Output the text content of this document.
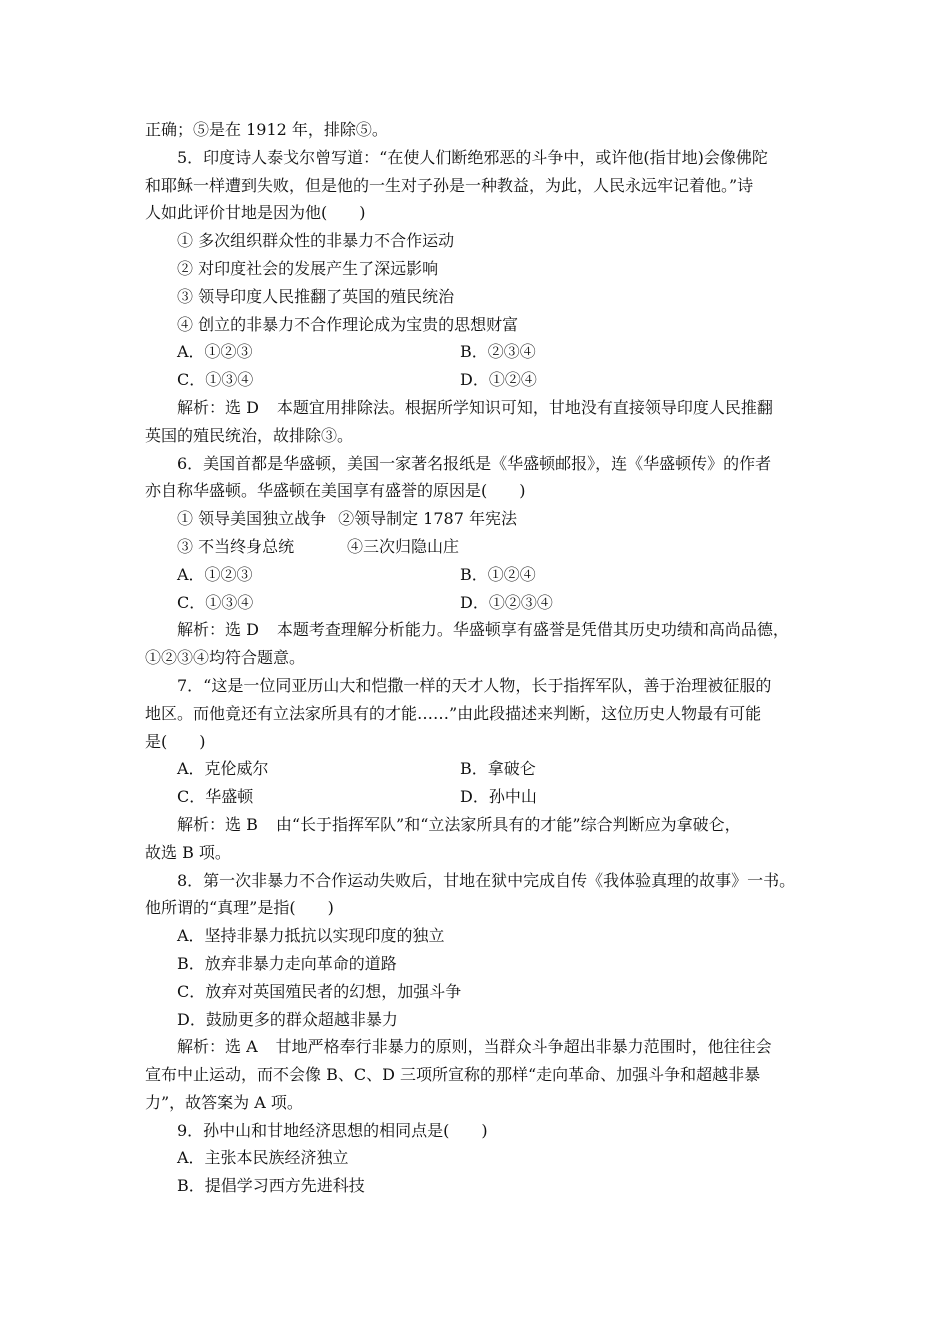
正确；⑤是在 1912 年，排除⑤。
5．印度诗人泰戈尔曾写道：“在使人们断绝邪恶的斗争中，或许他(指甘地)会像佛陀
和耶稣一样遭到失败，但是他的一生对子孙是一种教益，为此，人民永远牢记着他。”诗
人如此评价甘地是因为他(　　)
① 多次组织群众性的非暴力不合作运动
② 对印度社会的发展产生了深远影响
③ 领导印度人民推翻了英国的殖民统治
④ 创立的非暴力不合作理论成为宝贵的思想财富
A．①②③	B．②③④
C．①③④	D．①②④
解析：选 D 本题宜用排除法。根据所学知识可知，甘地没有直接领导印度人民推翻
英国的殖民统治，故排除③。
6．美国首都是华盛顿，美国一家著名报纸是《华盛顿邮报》，连《华盛顿传》的作者
亦自称华盛顿。华盛顿在美国享有盛誉的原因是(　　)
① 领导美国独立战争 ②领导制定 1787 年宪法
③ 不当终身总统	④三次归隐山庄
A．①②③	B．①②④
C．①③④	D．①②③④
解析：选 D 本题考查理解分析能力。华盛顿享有盛誉是凭借其历史功绩和高尚品德，
①②③④均符合题意。
7．“这是一位同亚历山大和恺撒一样的天才人物，长于指挥军队，善于治理被征服的
地区。而他竟还有立法家所具有的才能……”由此段描述来判断，这位历史人物最有可能
是(　　)
A．克伦威尔	B．拿破仑
C．华盛顿	D．孙中山
解析：选 B 由“长于指挥军队”和“立法家所具有的才能”综合判断应为拿破仑，
故选 B 项。
8．第一次非暴力不合作运动失败后，甘地在狱中完成自传《我体验真理的故事》一书。
他所谓的“真理”是指(　　)
A．坚持非暴力抵抗以实现印度的独立
B．放弃非暴力走向革命的道路
C．放弃对英国殖民者的幻想，加强斗争
D．鼓励更多的群众超越非暴力
解析：选 A 甘地严格奉行非暴力的原则，当群众斗争超出非暴力范围时，他往往会
宣布中止运动，而不会像 B、C、D 三项所宣称的那样“走向革命、加强斗争和超越非暴
力”，故答案为 A 项。
9．孙中山和甘地经济思想的相同点是(　　)
A．主张本民族经济独立
B．提倡学习西方先进科技
